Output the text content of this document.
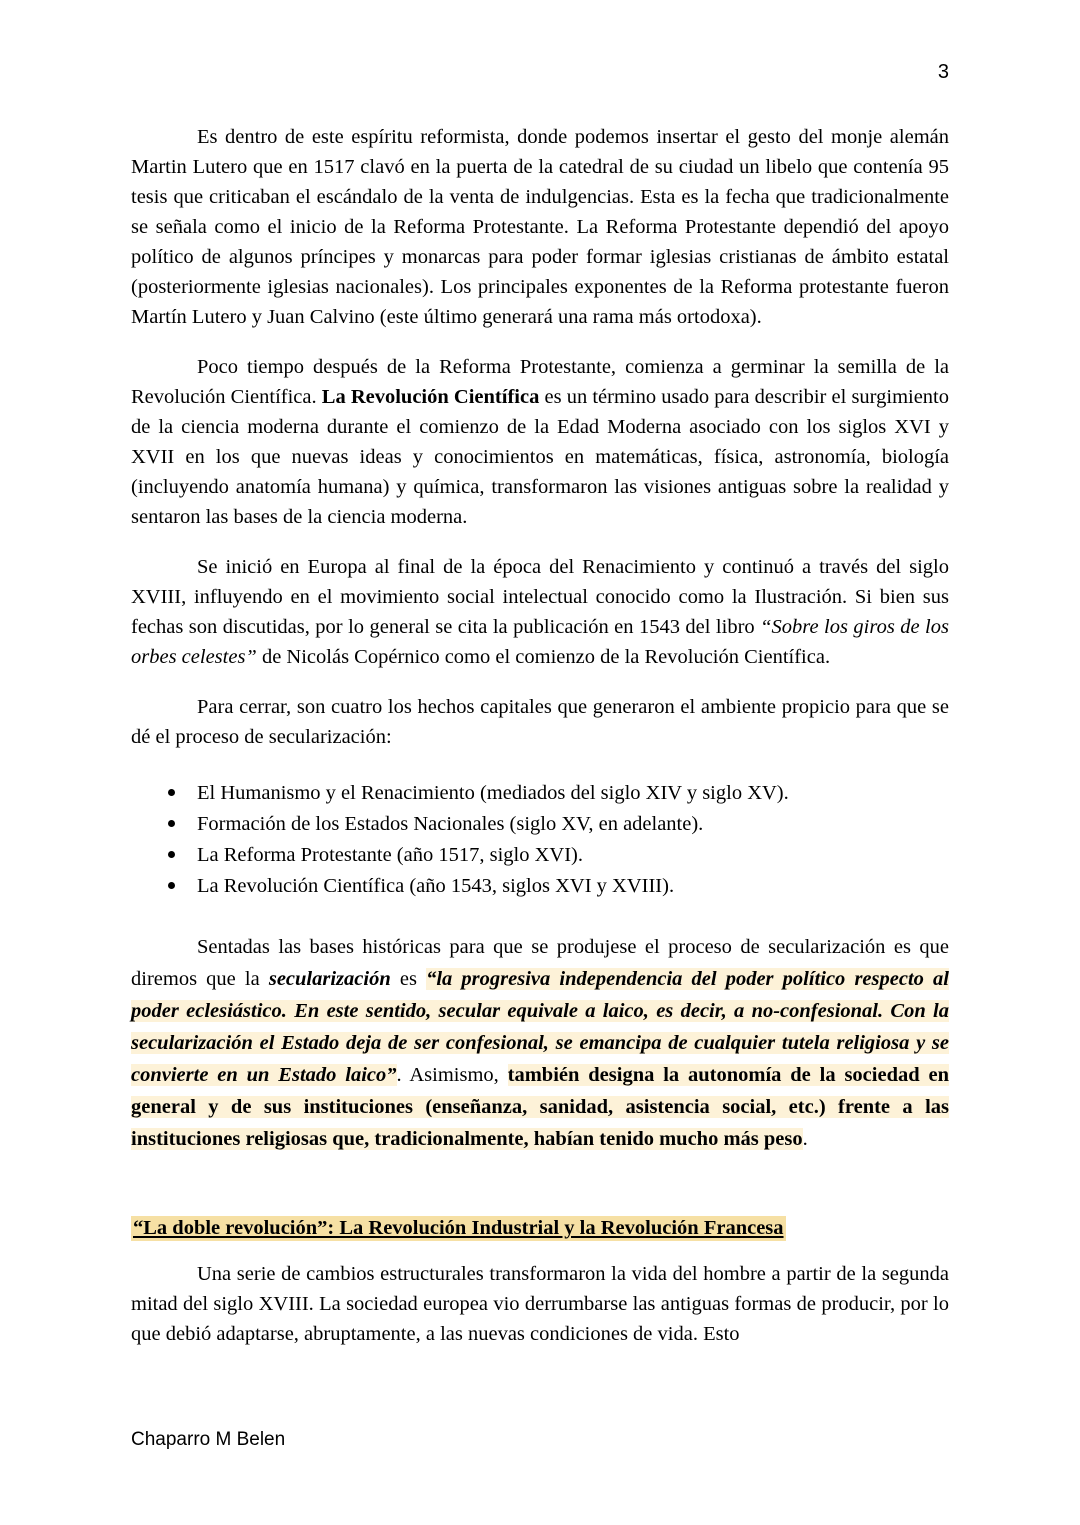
3

Es dentro de este espíritu reformista, donde podemos insertar el gesto del monje alemán Martin Lutero que en 1517 clavó en la puerta de la catedral de su ciudad un libelo que contenía 95 tesis que criticaban el escándalo de la venta de indulgencias. Esta es la fecha que tradicionalmente se señala como el inicio de la Reforma Protestante. La Reforma Protestante dependió del apoyo político de algunos príncipes y monarcas para poder formar iglesias cristianas de ámbito estatal (posteriormente iglesias nacionales). Los principales exponentes de la Reforma protestante fueron Martín Lutero y Juan Calvino (este último generará una rama más ortodoxa).

Poco tiempo después de la Reforma Protestante, comienza a germinar la semilla de la Revolución Científica. La Revolución Científica es un término usado para describir el surgimiento de la ciencia moderna durante el comienzo de la Edad Moderna asociado con los siglos XVI y XVII en los que nuevas ideas y conocimientos en matemáticas, física, astronomía, biología (incluyendo anatomía humana) y química, transformaron las visiones antiguas sobre la realidad y sentaron las bases de la ciencia moderna.

Se inició en Europa al final de la época del Renacimiento y continuó a través del siglo XVIII, influyendo en el movimiento social intelectual conocido como la Ilustración. Si bien sus fechas son discutidas, por lo general se cita la publicación en 1543 del libro “Sobre los giros de los orbes celestes” de Nicolás Copérnico como el comienzo de la Revolución Científica.

Para cerrar, son cuatro los hechos capitales que generaron el ambiente propicio para que se dé el proceso de secularización:

El Humanismo y el Renacimiento (mediados del siglo XIV y siglo XV).
Formación de los Estados Nacionales (siglo XV, en adelante).
La Reforma Protestante (año 1517, siglo XVI).
La Revolución Científica (año 1543, siglos XVI y XVIII).

Sentadas las bases históricas para que se produjese el proceso de secularización es que diremos que la secularización es “la progresiva independencia del poder político respecto al poder eclesiástico. En este sentido, secular equivale a laico, es decir, a no-confesional. Con la secularización el Estado deja de ser confesional, se emancipa de cualquier tutela religiosa y se convierte en un Estado laico”. Asimismo, también designa la autonomía de la sociedad en general y de sus instituciones (enseñanza, sanidad, asistencia social, etc.) frente a las instituciones religiosas que, tradicionalmente, habían tenido mucho más peso.

“La doble revolución”: La Revolución Industrial y la Revolución Francesa

Una serie de cambios estructurales transformaron la vida del hombre a partir de la segunda mitad del siglo XVIII. La sociedad europea vio derrumbarse las antiguas formas de producir, por lo que debió adaptarse, abruptamente, a las nuevas condiciones de vida. Esto

Chaparro M Belen
